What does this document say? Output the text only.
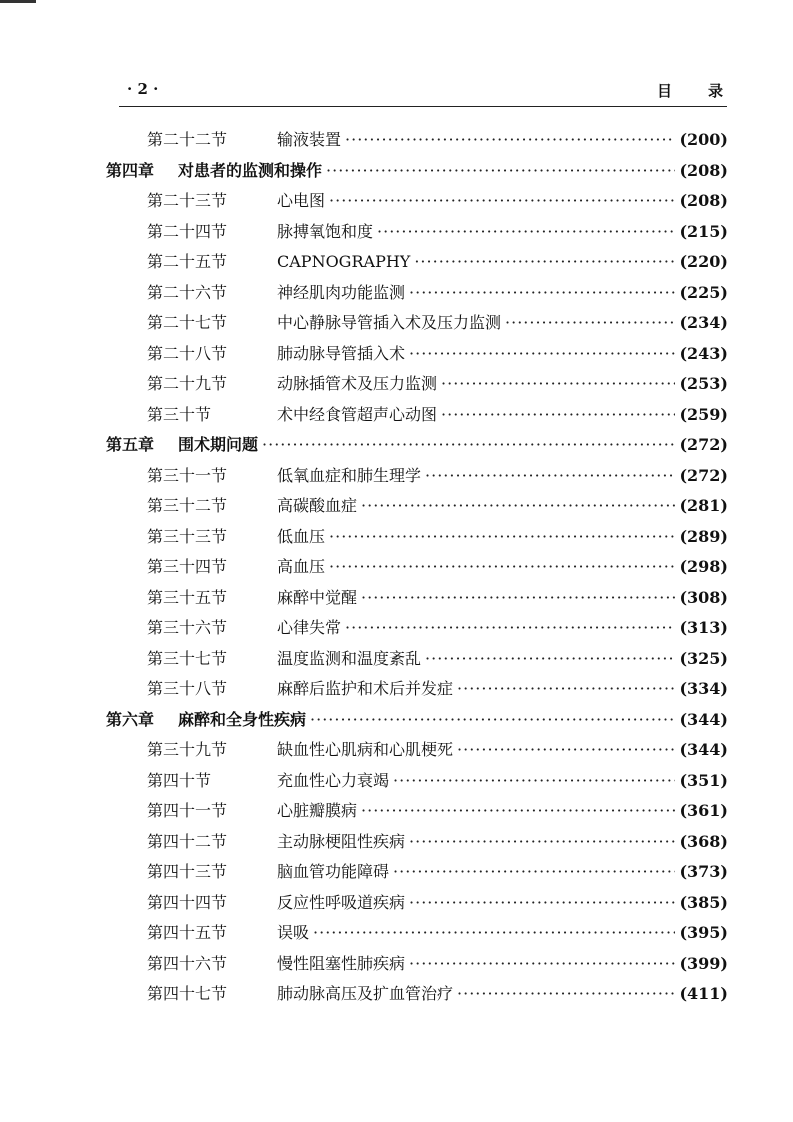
· 2 ·	目录
第二十二节	输液装置 ·····	(200)
第四章	对患者的监测和操作 ·····	(208)
第二十三节	心电图 ·····	(208)
第二十四节	脉搏氧饱和度 ·····	(215)
第二十五节	CAPNOGRAPHY ·····	(220)
第二十六节	神经肌肉功能监测 ·····	(225)
第二十七节	中心静脉导管插入术及压力监测 ·····	(234)
第二十八节	肺动脉导管插入术 ·····	(243)
第二十九节	动脉插管术及压力监测 ·····	(253)
第三十节	术中经食管超声心动图 ·····	(259)
第五章	围术期问题 ·····	(272)
第三十一节	低氧血症和肺生理学 ·····	(272)
第三十二节	高碳酸血症 ·····	(281)
第三十三节	低血压 ·····	(289)
第三十四节	高血压 ·····	(298)
第三十五节	麻醉中觉醒 ·····	(308)
第三十六节	心律失常 ·····	(313)
第三十七节	温度监测和温度紊乱 ·····	(325)
第三十八节	麻醉后监护和术后并发症 ·····	(334)
第六章	麻醉和全身性疾病 ·····	(344)
第三十九节	缺血性心肌病和心肌梗死 ·····	(344)
第四十节	充血性心力衰竭 ·····	(351)
第四十一节	心脏瓣膜病 ·····	(361)
第四十二节	主动脉梗阻性疾病 ·····	(368)
第四十三节	脑血管功能障碍 ·····	(373)
第四十四节	反应性呼吸道疾病 ·····	(385)
第四十五节	误吸 ·····	(395)
第四十六节	慢性阻塞性肺疾病 ·····	(399)
第四十七节	肺动脉高压及扩血管治疗 ·····	(411)
